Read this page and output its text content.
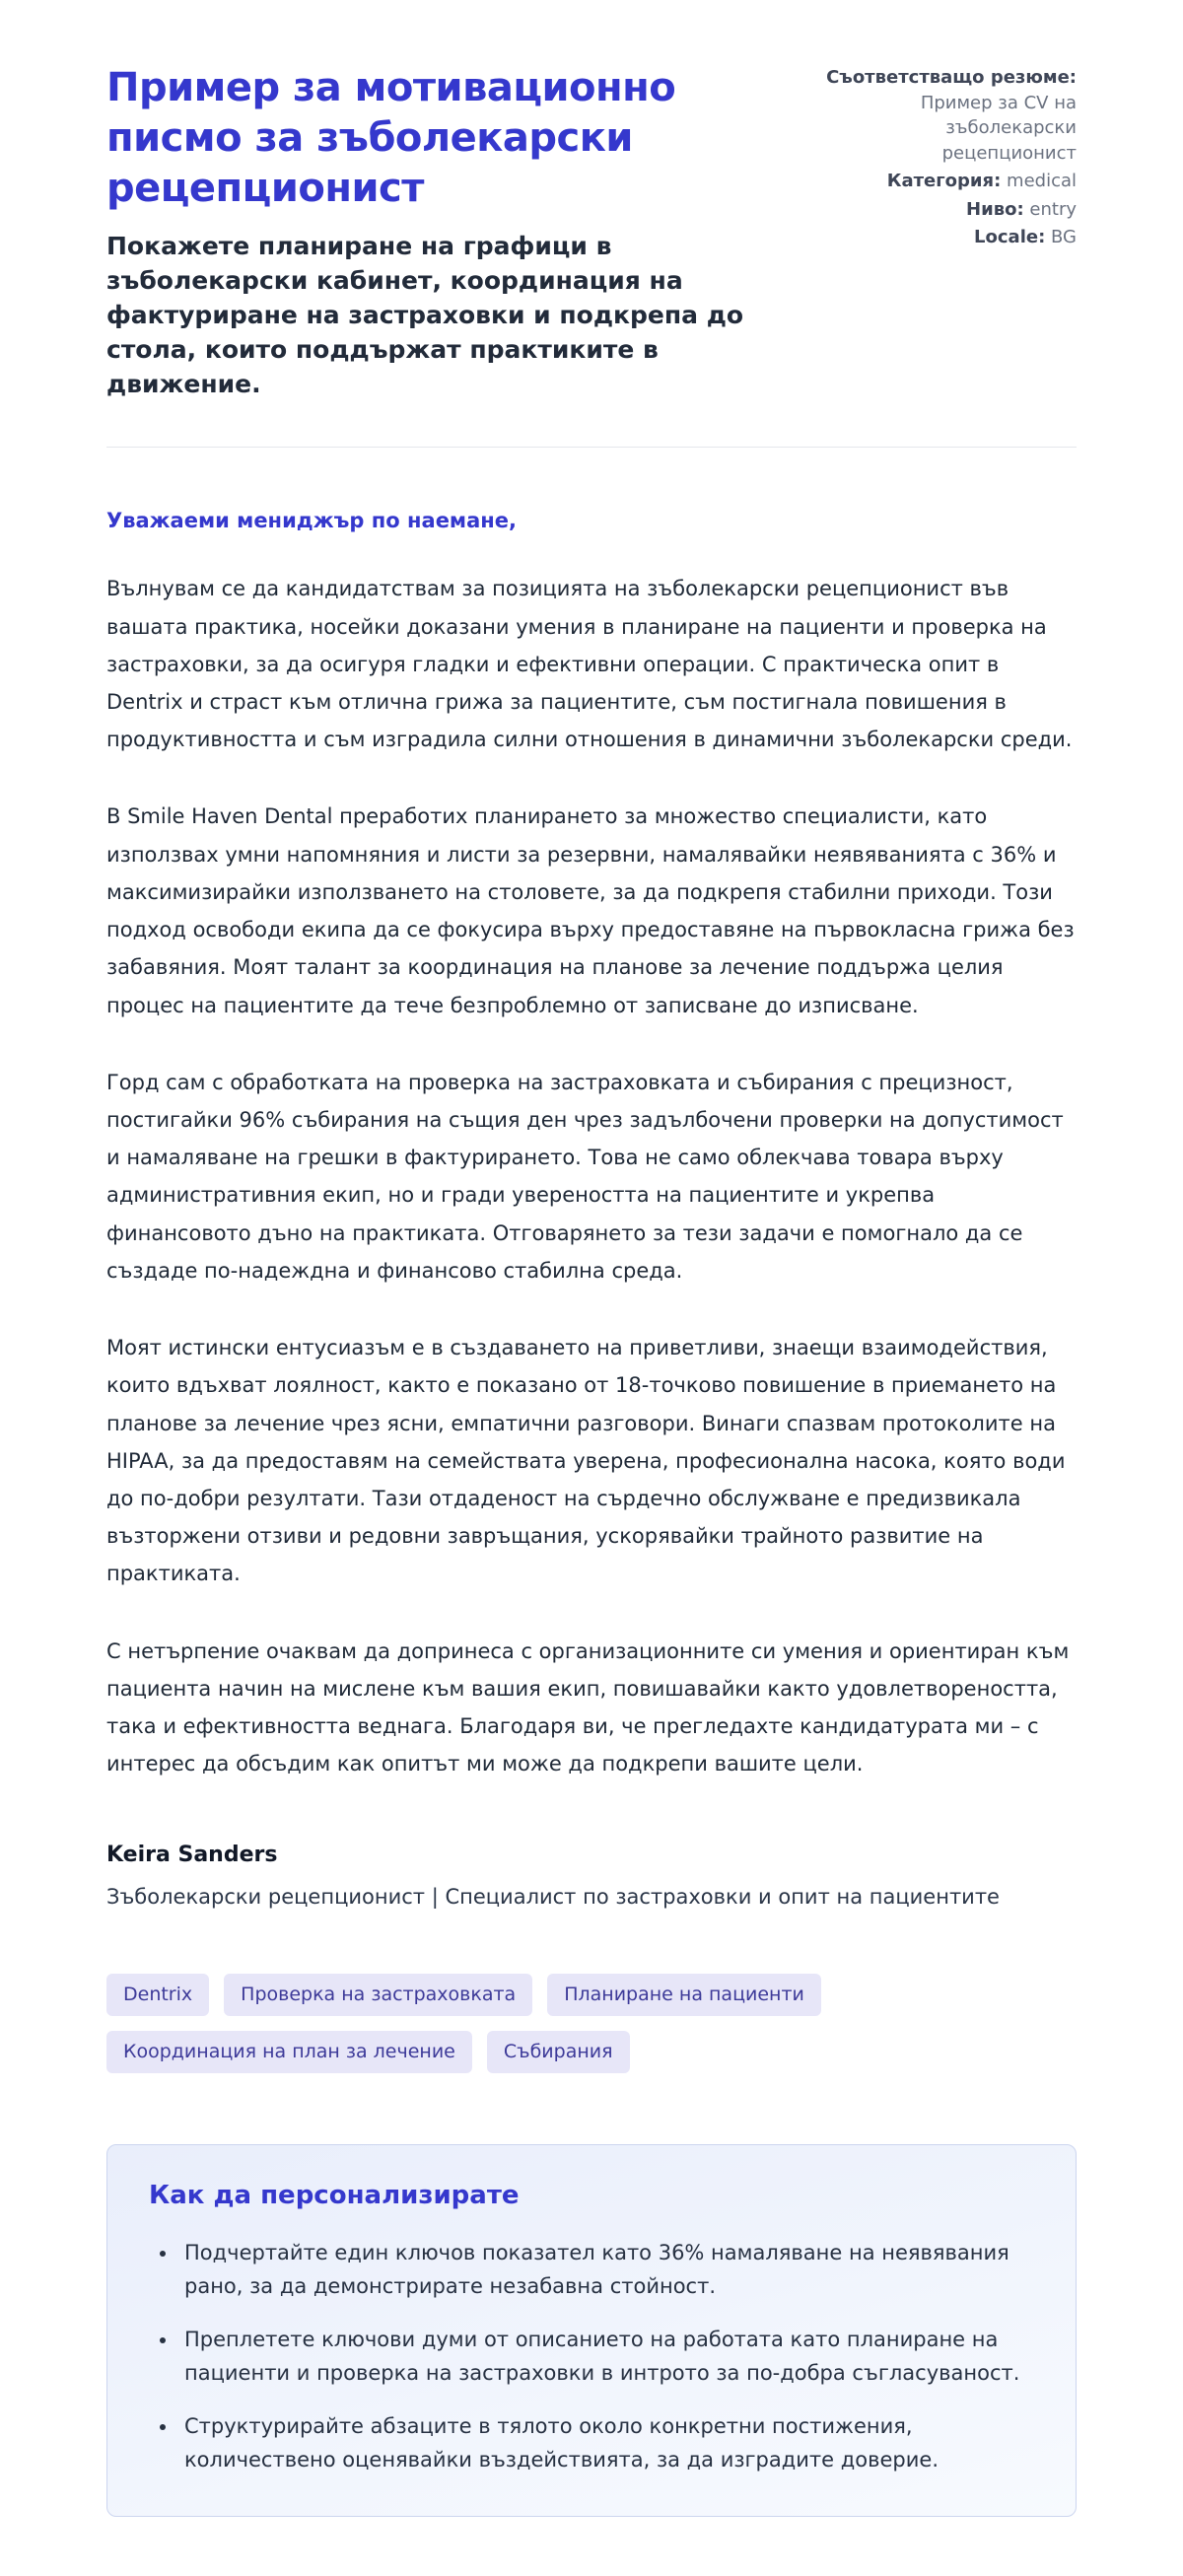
Пример за мотивационно писмо за зъболекарски рецепционист

Покажете планиране на графици в зъболекарски кабинет, координация на фактуриране на застраховки и подкрепа до стола, които поддържат практиките в движение.

Съответстващо резюме: Пример за CV на зъболекарски рецепционист
Категория: medical
Ниво: entry
Locale: BG

Уважаеми мениджър по наемане,

Вълнувам се да кандидатствам за позицията на зъболекарски рецепционист във вашата практика, носейки доказани умения в планиране на пациенти и проверка на застраховки, за да осигуря гладки и ефективни операции. С практическа опит в Dentrix и страст към отлична грижа за пациентите, съм постигнала повишения в продуктивността и съм изградила силни отношения в динамични зъболекарски среди.

В Smile Haven Dental преработих планирането за множество специалисти, като използвах умни напомняния и листи за резервни, намалявайки неявяванията с 36% и максимизирайки използването на столовете, за да подкрепя стабилни приходи. Този подход освободи екипа да се фокусира върху предоставяне на първокласна грижа без забавяния. Моят талант за координация на планове за лечение поддържа целия процес на пациентите да тече безпроблемно от записване до изписване.

Горд сам с обработката на проверка на застраховката и събирания с прецизност, постигайки 96% събирания на същия ден чрез задълбочени проверки на допустимост и намаляване на грешки в фактурирането. Това не само облекчава товара върху административния екип, но и гради увереността на пациентите и укрепва финансовото дъно на практиката. Отговарянето за тези задачи е помогнало да се създаде по-надеждна и финансово стабилна среда.

Моят истински ентусиазъм е в създаването на приветливи, знаещи взаимодействия, които вдъхват лоялност, както е показано от 18-точково повишение в приемането на планове за лечение чрез ясни, емпатични разговори. Винаги спазвам протоколите на HIPAA, за да предоставям на семействата уверена, професионална насока, която води до по-добри резултати. Тази отдаденост на сърдечно обслужване е предизвикала възторжени отзиви и редовни завръщания, ускорявайки трайното развитие на практиката.

С нетърпение очаквам да допринеса с организационните си умения и ориентиран към пациента начин на мислене към вашия екип, повишавайки както удовлетвореността, така и ефективността веднага. Благодаря ви, че прегледахте кандидатурата ми – с интерес да обсъдим как опитът ми може да подкрепи вашите цели.

Keira Sanders

Зъболекарски рецепционист | Специалист по застраховки и опит на пациентите

Dentrix	Проверка на застраховката	Планиране на пациенти
Координация на план за лечение	Събирания
Как да персонализирате
• Подчертайте един ключов показател като 36% намаляване на неявявания рано, за да демонстрирате незабавна стойност.
• Преплетете ключови думи от описанието на работата като планиране на пациенти и проверка на застраховки в интрото за по-добра съгласуваност.
• Структурирайте абзаците в тялото около конкретни постижения, количествено оценявайки въздействията, за да изградите доверие.
